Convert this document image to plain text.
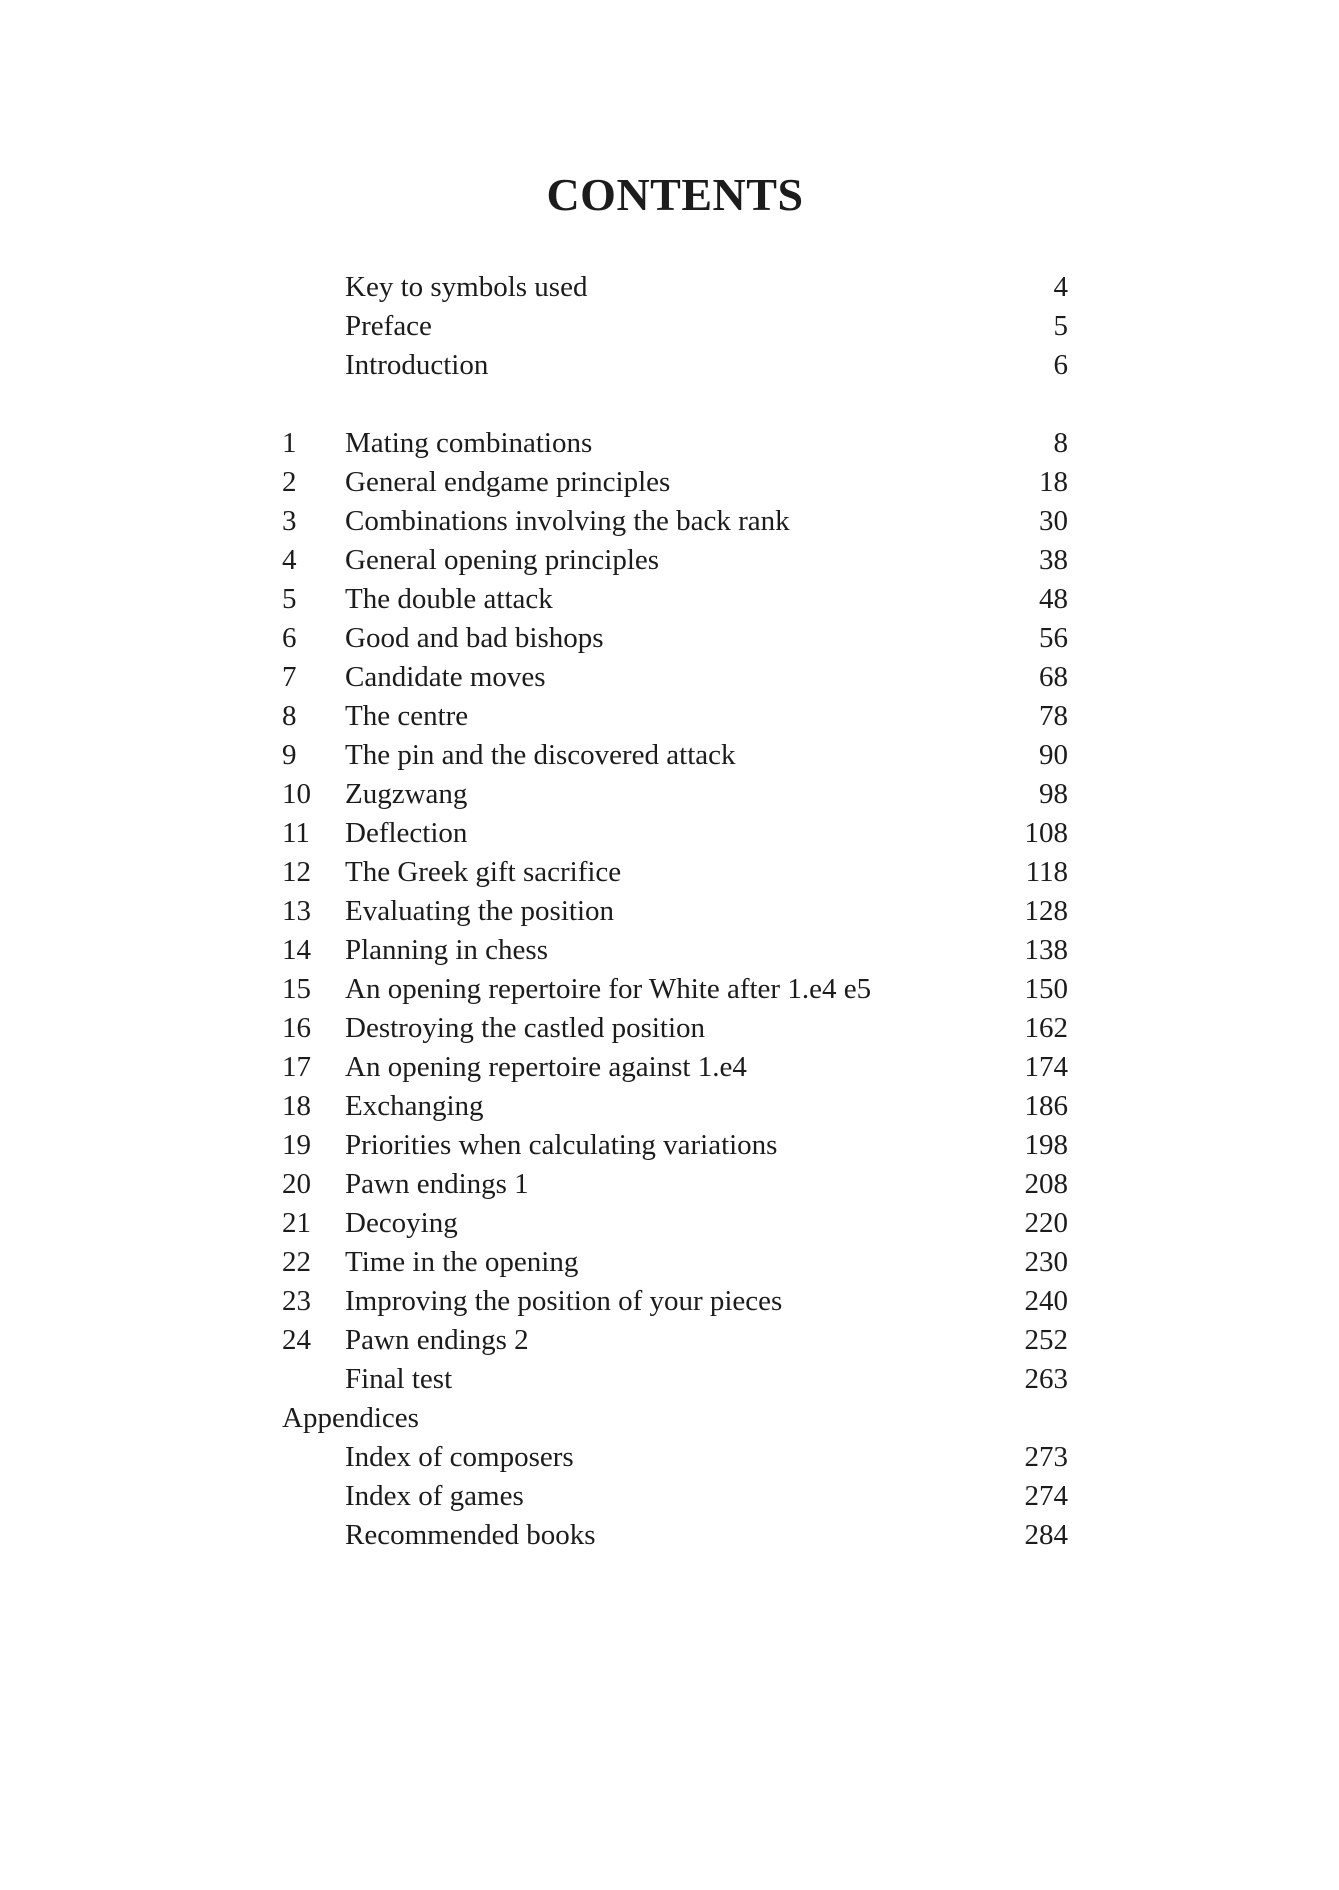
CONTENTS
Key to symbols used	4
Preface	5
Introduction	6
1	Mating combinations	8
2	General endgame principles	18
3	Combinations involving the back rank	30
4	General opening principles	38
5	The double attack	48
6	Good and bad bishops	56
7	Candidate moves	68
8	The centre	78
9	The pin and the discovered attack	90
10	Zugzwang	98
11	Deflection	108
12	The Greek gift sacrifice	118
13	Evaluating the position	128
14	Planning in chess	138
15	An opening repertoire for White after 1.e4 e5	150
16	Destroying the castled position	162
17	An opening repertoire against 1.e4	174
18	Exchanging	186
19	Priorities when calculating variations	198
20	Pawn endings 1	208
21	Decoying	220
22	Time in the opening	230
23	Improving the position of your pieces	240
24	Pawn endings 2	252
Final test	263
Appendices
Index of composers	273
Index of games	274
Recommended books	284
